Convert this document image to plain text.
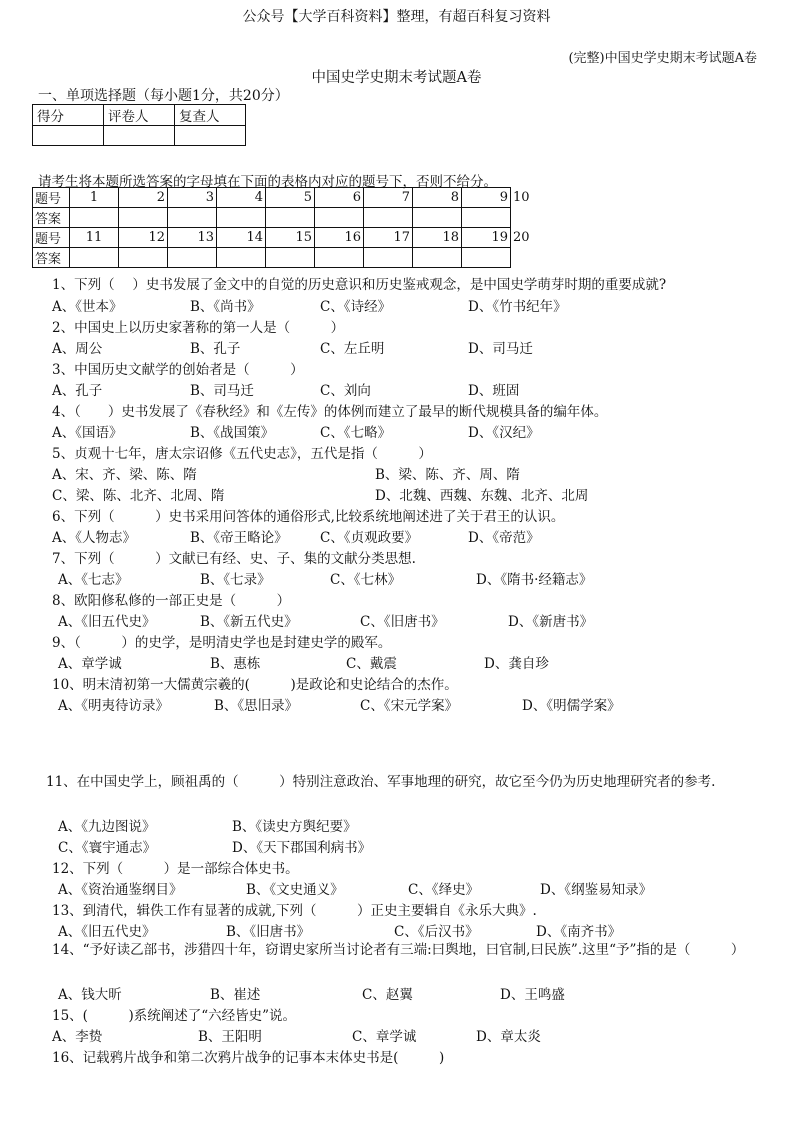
公众号【大学百科资料】整理，有超百科复习资料
(完整)中国史学史期末考试题A卷
中国史学史期末考试题A卷
一、单项选择题（每小题1分，共20分）
得分	评卷人	复查人

请考生将本题所选答案的字母填在下面的表格内对应的题号下，否则不给分。
题号	1	2	3	4	5	6	7	8	9	10
答案										
题号	11	12	13	14	15	16	17	18	19	20
答案										
1、下列（　 ）史书发展了金文中的自觉的历史意识和历史鉴戒观念，是中国史学萌芽时期的重要成就?
A、《世本》	B、《尚书》	C、《诗经》	D、《竹书纪年》
2、中国史上以历史家著称的第一人是（　　　）
A、周公	B、孔子	C、左丘明	D、司马迁
3、中国历史文献学的创始者是（　　　）
A、孔子	B、司马迁	C、刘向	D、班固
4、（　　）史书发展了《春秋经》和《左传》的体例而建立了最早的断代规模具备的编年体。
A、《国语》	B、《战国策》	C、《七略》	D、《汉纪》
5、贞观十七年，唐太宗诏修《五代史志》，五代是指（　　　）
A、宋、齐、梁、陈、隋	B、梁、陈、齐、周、隋
C、梁、陈、北齐、北周、隋	D、北魏、西魏、东魏、北齐、北周
6、下列（　　　）史书采用问答体的通俗形式,比较系统地阐述进了关于君王的认识。
A、《人物志》	B、《帝王略论》 C、《贞观政要》	D、《帝范》
7、下列（　　　）文献已有经、史、子、集的文献分类思想.
A、《七志》	B、《七录》	C、《七林》	D、《隋书·经籍志》
8、欧阳修私修的一部正史是（　　　）
A、《旧五代史》	B、《新五代史》	C、《旧唐书》	D、《新唐书》
9、（　　　）的史学，是明清史学也是封建史学的殿军。
A、章学诚	B、惠栋	C、戴震	D、龚自珍
10、明末清初第一大儒黄宗羲的(　　　)是政论和史论结合的杰作。
A、《明夷待访录》	B、《思旧录》	C、《宋元学案》	D、《明儒学案》
11、在中国史学上，顾祖禹的（　　　）特别注意政治、军事地理的研究，故它至今仍为历史地理研究者的参考.
A、《九边图说》	B、《读史方舆纪要》
C、《寰宇通志》	D、《天下郡国利病书》
12、下列（　　　）是一部综合体史书。
A、《资治通鉴纲目》	B、《文史通义》	C、《绎史》	D、《纲鉴易知录》
13、到清代，辑佚工作有显著的成就,下列（　　　）正史主要辑自《永乐大典》.
A、《旧五代史》	B、《旧唐书》	C、《后汉书》	D、《南齐书》
14、“予好读乙部书，涉猎四十年，窃谓史家所当讨论者有三端:曰舆地，曰官制,曰民族”.这里“予”指的是（　　　）
A、钱大昕	B、崔述	C、赵翼	D、王鸣盛
15、(　　　)系统阐述了“六经皆史”说。
A、李贽	B、王阳明	C、章学诚	D、章太炎
16、记载鸦片战争和第二次鸦片战争的记事本末体史书是(　　　)
